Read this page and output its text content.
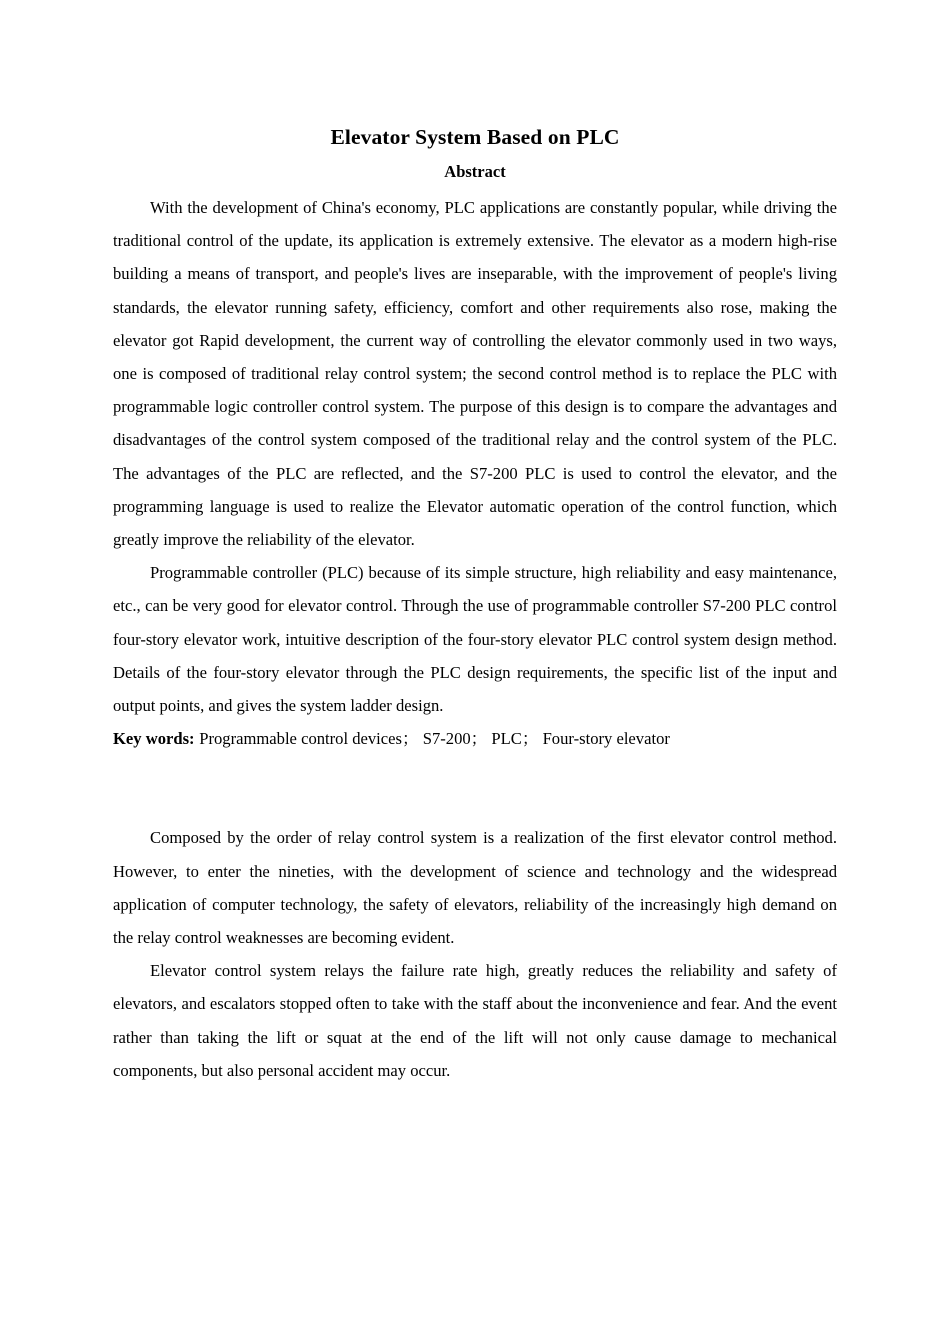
Elevator System Based on PLC
Abstract

With the development of China's economy, PLC applications are constantly popular, while driving the traditional control of the update, its application is extremely extensive. The elevator as a modern high-rise building a means of transport, and people's lives are inseparable, with the improvement of people's living standards, the elevator running safety, efficiency, comfort and other requirements also rose, making the elevator got Rapid development, the current way of controlling the elevator commonly used in two ways, one is composed of traditional relay control system; the second control method is to replace the PLC with programmable logic controller control system. The purpose of this design is to compare the advantages and disadvantages of the control system composed of the traditional relay and the control system of the PLC. The advantages of the PLC are reflected, and the S7-200 PLC is used to control the elevator, and the programming language is used to realize the Elevator automatic operation of the control function, which greatly improve the reliability of the elevator.

Programmable controller (PLC) because of its simple structure, high reliability and easy maintenance, etc., can be very good for elevator control. Through the use of programmable controller S7-200 PLC control four-story elevator work, intuitive description of the four-story elevator PLC control system design method. Details of the four-story elevator through the PLC design requirements, the specific list of the input and output points, and gives the system ladder design.

Key words: Programmable control devices； S7-200； PLC； Four-story elevator

Composed by the order of relay control system is a realization of the first elevator control method. However, to enter the nineties, with the development of science and technology and the widespread application of computer technology, the safety of elevators, reliability of the increasingly high demand on the relay control weaknesses are becoming evident.

Elevator control system relays the failure rate high, greatly reduces the reliability and safety of elevators, and escalators stopped often to take with the staff about the inconvenience and fear. And the event rather than taking the lift or squat at the end of the lift will not only cause damage to mechanical components, but also personal accident may occur.
